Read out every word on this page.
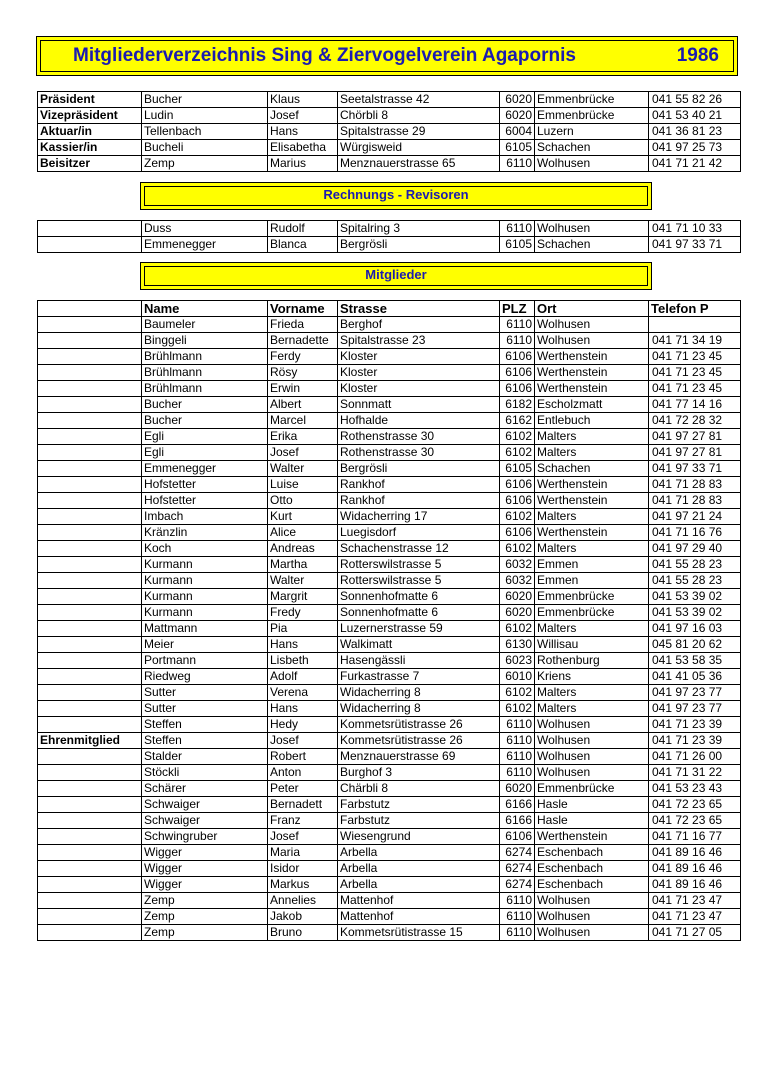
Mitgliederverzeichnis Sing & Ziervogelverein Agapornis	1986
Präsident	Bucher	Klaus	Seetalstrasse 42	6020	Emmenbrücke	041 55 82 26
Vizepräsident	Ludin	Josef	Chörbli 8	6020	Emmenbrücke	041 53 40 21
Aktuar/in	Tellenbach	Hans	Spitalstrasse 29	6004	Luzern	041 36 81 23
Kassier/in	Bucheli	Elisabetha	Würgisweid	6105	Schachen	041 97 25 73
Beisitzer	Zemp	Marius	Menznauerstrasse 65	6110	Wolhusen	041 71 21 42
Rechnungs - Revisoren
	Duss	Rudolf	Spitalring 3	6110	Wolhusen	041 71 10 33
	Emmenegger	Blanca	Bergrösli	6105	Schachen	041 97 33 71
Mitglieder
	Name	Vorname	Strasse	PLZ	Ort	Telefon P
	Baumeler	Frieda	Berghof	6110	Wolhusen	
	Binggeli	Bernadette	Spitalstrasse 23	6110	Wolhusen	041 71 34 19
	Brühlmann	Ferdy	Kloster	6106	Werthenstein	041 71 23 45
	Brühlmann	Rösy	Kloster	6106	Werthenstein	041 71 23 45
	Brühlmann	Erwin	Kloster	6106	Werthenstein	041 71 23 45
	Bucher	Albert	Sonnmatt	6182	Escholzmatt	041 77 14 16
	Bucher	Marcel	Hofhalde	6162	Entlebuch	041 72 28 32
	Egli	Erika	Rothenstrasse 30	6102	Malters	041 97 27 81
	Egli	Josef	Rothenstrasse 30	6102	Malters	041 97 27 81
	Emmenegger	Walter	Bergrösli	6105	Schachen	041 97 33 71
	Hofstetter	Luise	Rankhof	6106	Werthenstein	041 71 28 83
	Hofstetter	Otto	Rankhof	6106	Werthenstein	041 71 28 83
	Imbach	Kurt	Widacherring 17	6102	Malters	041 97 21 24
	Kränzlin	Alice	Luegisdorf	6106	Werthenstein	041 71 16 76
	Koch	Andreas	Schachenstrasse 12	6102	Malters	041 97 29 40
	Kurmann	Martha	Rotterswilstrasse 5	6032	Emmen	041 55 28 23
	Kurmann	Walter	Rotterswilstrasse 5	6032	Emmen	041 55 28 23
	Kurmann	Margrit	Sonnenhofmatte 6	6020	Emmenbrücke	041 53 39 02
	Kurmann	Fredy	Sonnenhofmatte 6	6020	Emmenbrücke	041 53 39 02
	Mattmann	Pia	Luzernerstrasse 59	6102	Malters	041 97 16 03
	Meier	Hans	Walkimatt	6130	Willisau	045 81 20 62
	Portmann	Lisbeth	Hasengässli	6023	Rothenburg	041 53 58 35
	Riedweg	Adolf	Furkastrasse 7	6010	Kriens	041 41 05 36
	Sutter	Verena	Widacherring 8	6102	Malters	041 97 23 77
	Sutter	Hans	Widacherring 8	6102	Malters	041 97 23 77
	Steffen	Hedy	Kommetsrütistrasse 26	6110	Wolhusen	041 71 23 39
Ehrenmitglied	Steffen	Josef	Kommetsrütistrasse 26	6110	Wolhusen	041 71 23 39
	Stalder	Robert	Menznauerstrasse 69	6110	Wolhusen	041 71 26 00
	Stöckli	Anton	Burghof 3	6110	Wolhusen	041 71 31 22
	Schärer	Peter	Chärbli 8	6020	Emmenbrücke	041 53 23 43
	Schwaiger	Bernadett	Farbstutz	6166	Hasle	041 72 23 65
	Schwaiger	Franz	Farbstutz	6166	Hasle	041 72 23 65
	Schwingruber	Josef	Wiesengrund	6106	Werthenstein	041 71 16 77
	Wigger	Maria	Arbella	6274	Eschenbach	041 89 16 46
	Wigger	Isidor	Arbella	6274	Eschenbach	041 89 16 46
	Wigger	Markus	Arbella	6274	Eschenbach	041 89 16 46
	Zemp	Annelies	Mattenhof	6110	Wolhusen	041 71 23 47
	Zemp	Jakob	Mattenhof	6110	Wolhusen	041 71 23 47
	Zemp	Bruno	Kommetsrütistrasse 15	6110	Wolhusen	041 71 27 05
